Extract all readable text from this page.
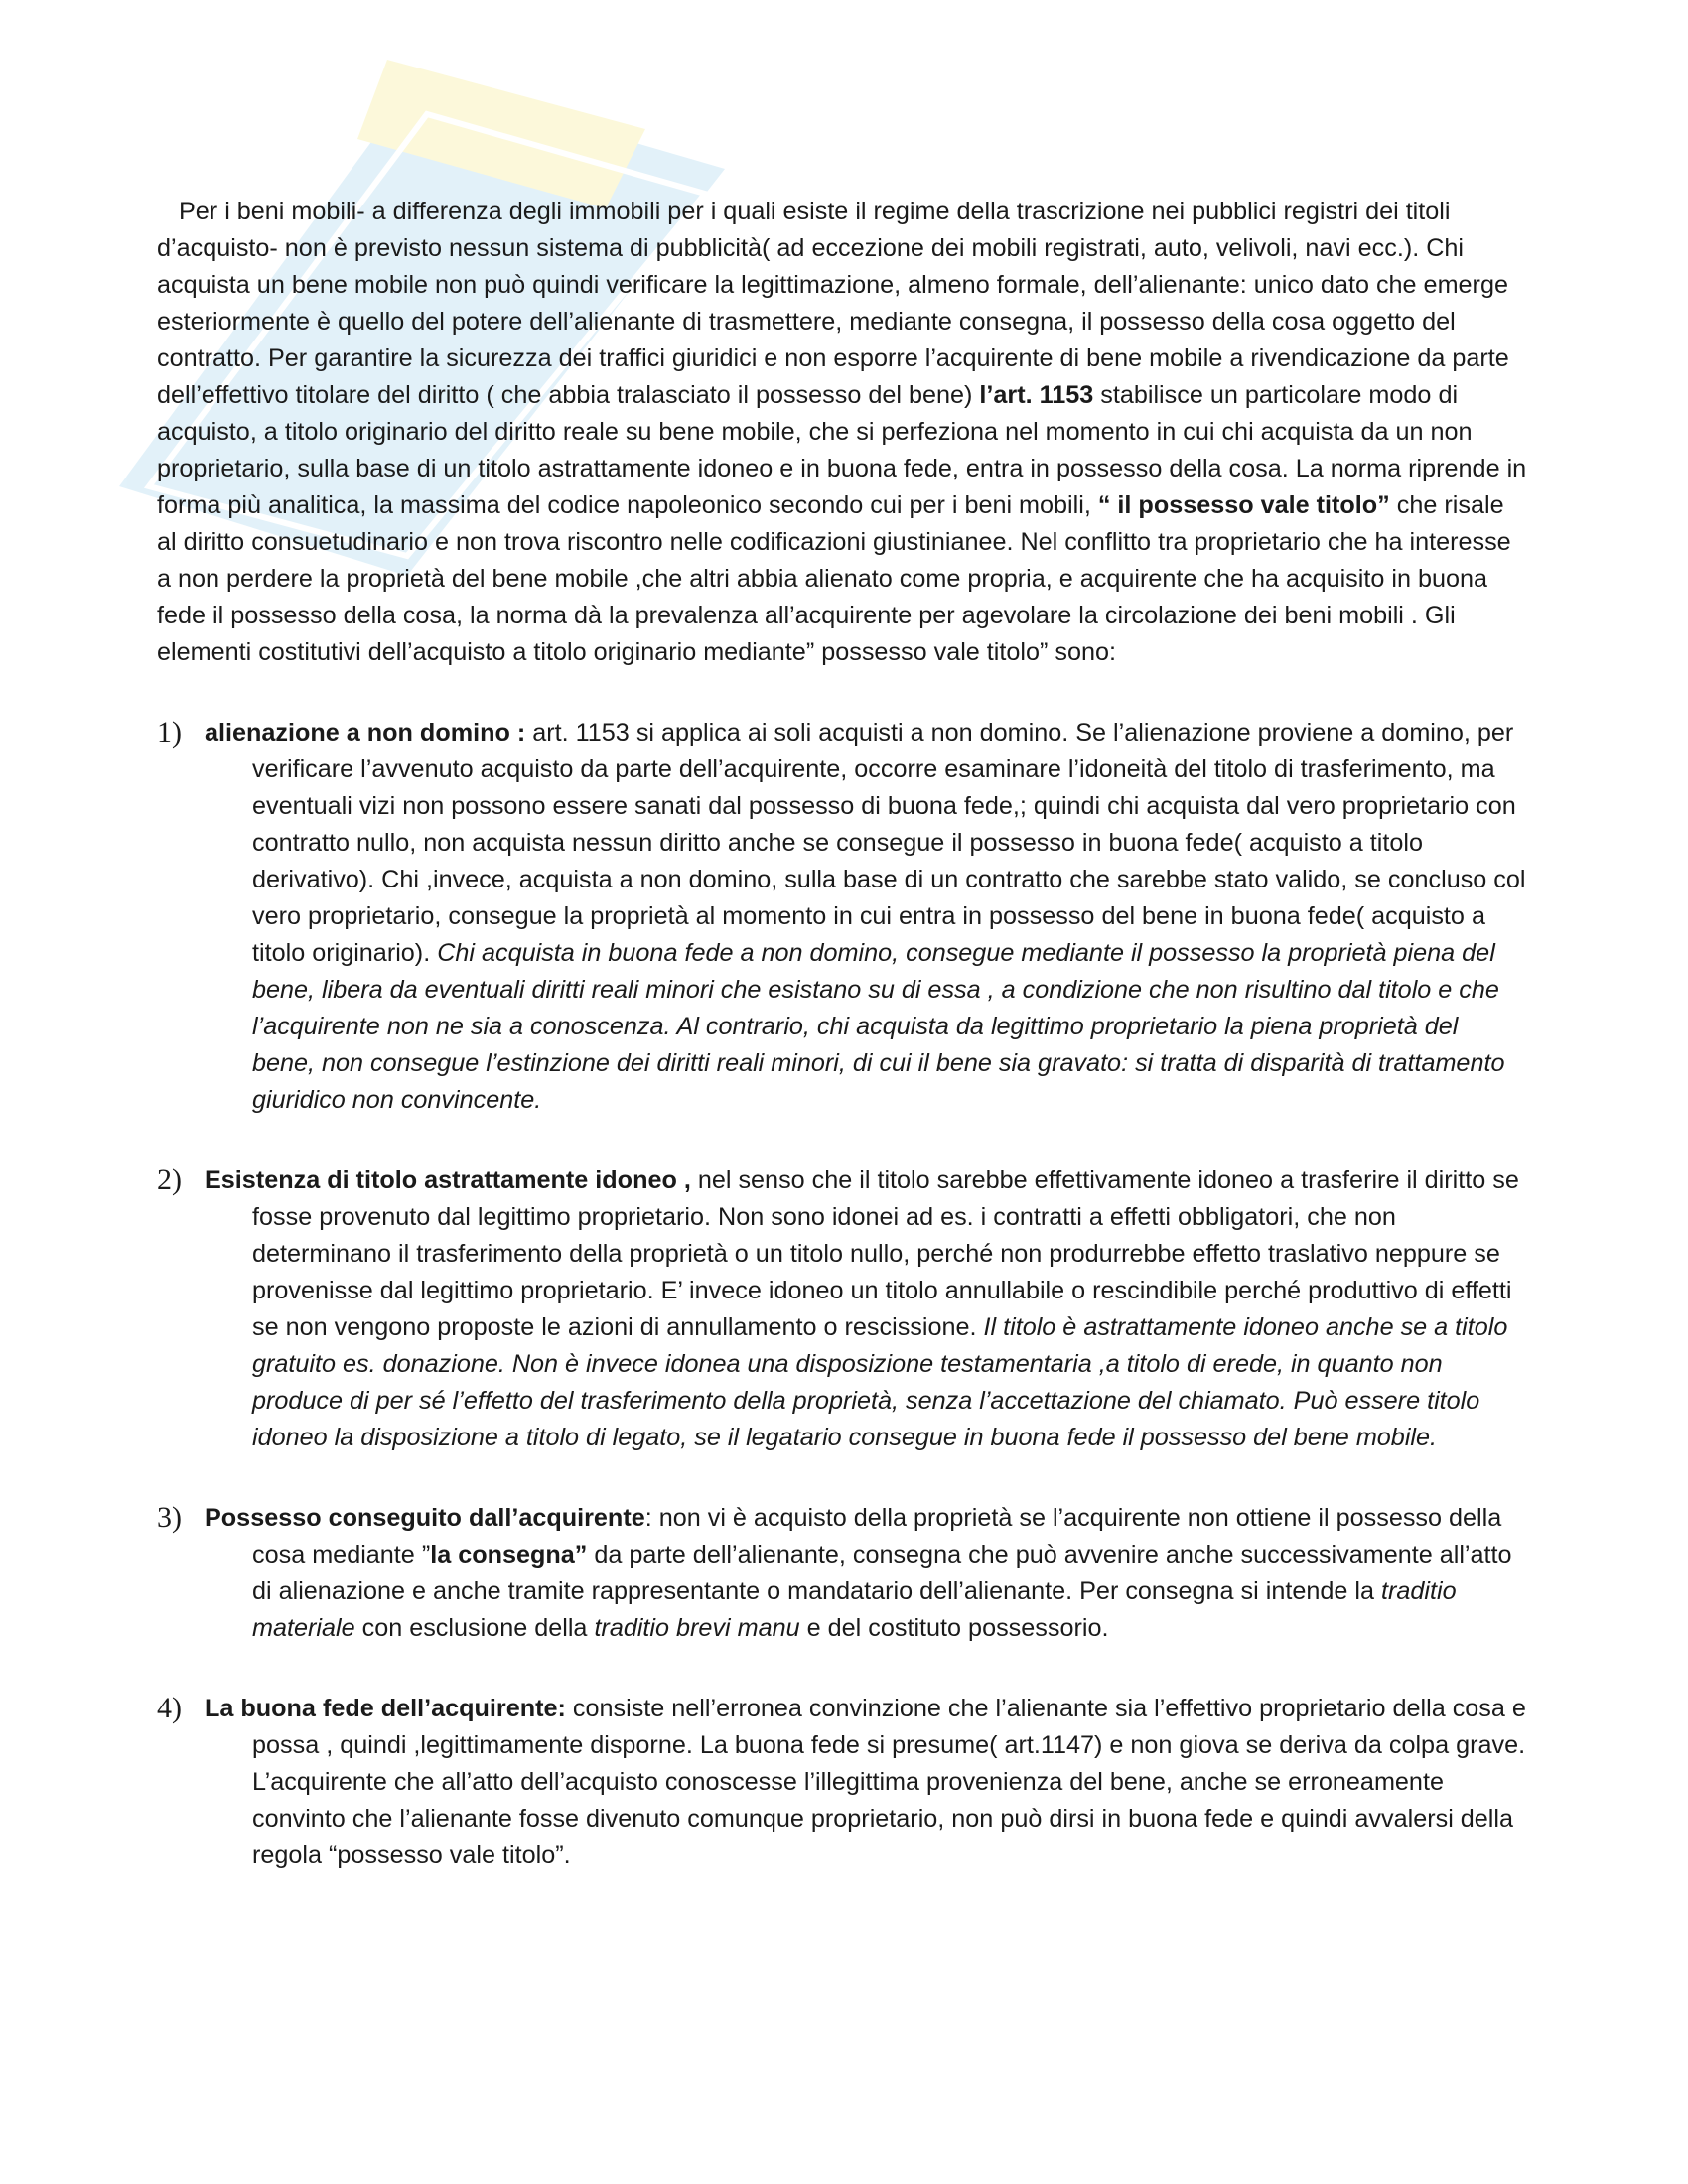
Per i beni mobili- a differenza degli immobili per i quali esiste il regime della trascrizione nei pubblici registri dei titoli d’acquisto- non è previsto nessun sistema di pubblicità( ad eccezione dei mobili registrati, auto, velivoli, navi ecc.). Chi acquista un bene mobile non può quindi verificare la legittimazione, almeno formale, dell’alienante: unico dato che emerge esteriormente è quello del potere dell’alienante di trasmettere, mediante consegna, il possesso della cosa oggetto del contratto. Per garantire la sicurezza dei traffici giuridici e non esporre l’acquirente di bene mobile a rivendicazione da parte dell’effettivo titolare del diritto ( che abbia tralasciato il possesso del bene) l’art. 1153 stabilisce un particolare modo di acquisto, a titolo originario del diritto reale su bene mobile, che si perfeziona nel momento in cui chi acquista da un non proprietario, sulla base di un titolo astrattamente idoneo e in buona fede, entra in possesso della cosa. La norma riprende in forma più analitica, la massima del codice napoleonico secondo cui per i beni mobili, “ il possesso vale titolo” che risale al diritto consuetudinario e non trova riscontro nelle codificazioni giustinianee. Nel conflitto tra proprietario che ha interesse a non perdere la proprietà del bene mobile ,che altri abbia alienato come propria, e acquirente che ha acquisito in buona fede il possesso della cosa, la norma dà la prevalenza all’acquirente per agevolare la circolazione dei beni mobili . Gli elementi costitutivi dell’acquisto a titolo originario mediante” possesso vale titolo” sono:

1) alienazione a non domino : art. 1153 si applica ai soli acquisti a non domino. Se l’alienazione proviene a domino, per verificare l’avvenuto acquisto da parte dell’acquirente, occorre esaminare l’idoneità del titolo di trasferimento, ma eventuali vizi non possono essere sanati dal possesso di buona fede,; quindi chi acquista dal vero proprietario con contratto nullo, non acquista nessun diritto anche se consegue il possesso in buona fede( acquisto a titolo derivativo). Chi ,invece, acquista a non domino, sulla base di un contratto che sarebbe stato valido, se concluso col vero proprietario, consegue la proprietà al momento in cui entra in possesso del bene in buona fede( acquisto a titolo originario). Chi acquista in buona fede a non domino, consegue mediante il possesso la proprietà piena del bene, libera da eventuali diritti reali minori che esistano su di essa , a condizione che non risultino dal titolo e che l’acquirente non ne sia a conoscenza. Al contrario, chi acquista da legittimo proprietario la piena proprietà del bene, non consegue l’estinzione dei diritti reali minori, di cui il bene sia gravato: si tratta di disparità di trattamento giuridico non convincente.
2) Esistenza di titolo astrattamente idoneo , nel senso che il titolo sarebbe effettivamente idoneo a trasferire il diritto se fosse provenuto dal legittimo proprietario. Non sono idonei ad es. i contratti a effetti obbligatori, che non determinano il trasferimento della proprietà o un titolo nullo, perché non produrrebbe effetto traslativo neppure se provenisse dal legittimo proprietario. E’ invece idoneo un titolo annullabile o rescindibile perché produttivo di effetti se non vengono proposte le azioni di annullamento o rescissione. Il titolo è astrattamente idoneo anche se a titolo gratuito es. donazione. Non è invece idonea una disposizione testamentaria ,a titolo di erede, in quanto non produce di per sé l’effetto del trasferimento della proprietà, senza l’accettazione del chiamato. Può essere titolo idoneo la disposizione a titolo di legato, se il legatario consegue in buona fede il possesso del bene mobile.
3) Possesso conseguito dall’acquirente: non vi è acquisto della proprietà se l’acquirente non ottiene il possesso della cosa mediante ”la consegna” da parte dell’alienante, consegna che può avvenire anche successivamente all’atto di alienazione e anche tramite rappresentante o mandatario dell’alienante. Per consegna si intende la traditio materiale con esclusione della traditio brevi manu e del costituto possessorio.
4) La buona fede dell’acquirente: consiste nell’erronea convinzione che l’alienante sia l’effettivo proprietario della cosa e possa , quindi ,legittimamente disporne. La buona fede si presume( art.1147) e non giova se deriva da colpa grave. L’acquirente che all’atto dell’acquisto conoscesse l’illegittima provenienza del bene, anche se erroneamente convinto che l’alienante fosse divenuto comunque proprietario, non può dirsi in buona fede e quindi avvalersi della regola “possesso vale titolo”.
